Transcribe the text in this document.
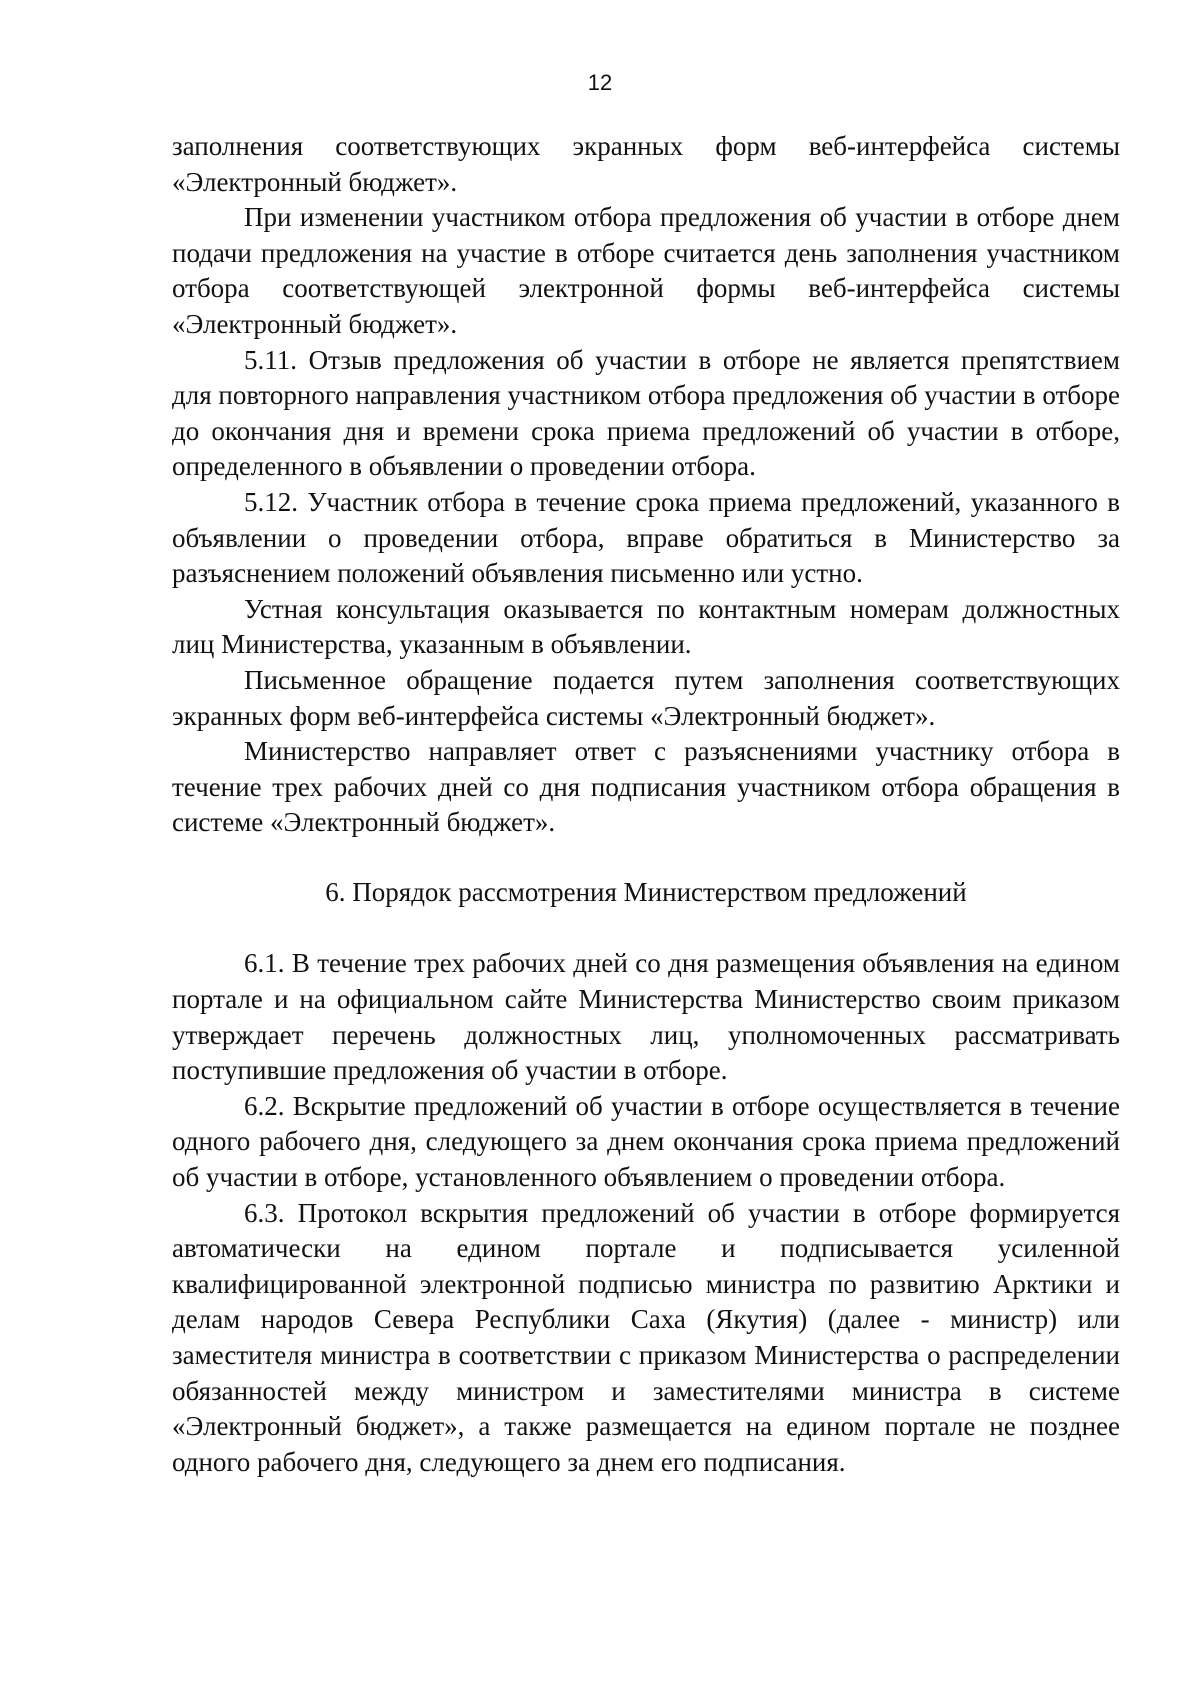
12

заполнения соответствующих экранных форм веб-интерфейса системы «Электронный бюджет».

При изменении участником отбора предложения об участии в отборе днем подачи предложения на участие в отборе считается день заполнения участником отбора соответствующей электронной формы веб-интерфейса системы «Электронный бюджет».

5.11. Отзыв предложения об участии в отборе не является препятствием для повторного направления участником отбора предложения об участии в отборе до окончания дня и времени срока приема предложений об участии в отборе, определенного в объявлении о проведении отбора.

5.12. Участник отбора в течение срока приема предложений, указанного в объявлении о проведении отбора, вправе обратиться в Министерство за разъяснением положений объявления письменно или устно.

Устная консультация оказывается по контактным номерам должностных лиц Министерства, указанным в объявлении.

Письменное обращение подается путем заполнения соответствующих экранных форм веб-интерфейса системы «Электронный бюджет».

Министерство направляет ответ с разъяснениями участнику отбора в течение трех рабочих дней со дня подписания участником отбора обращения в системе «Электронный бюджет».

6. Порядок рассмотрения Министерством предложений

6.1. В течение трех рабочих дней со дня размещения объявления на едином портале и на официальном сайте Министерства Министерство своим приказом утверждает перечень должностных лиц, уполномоченных рассматривать поступившие предложения об участии в отборе.

6.2. Вскрытие предложений об участии в отборе осуществляется в течение одного рабочего дня, следующего за днем окончания срока приема предложений об участии в отборе, установленного объявлением о проведении отбора.

6.3. Протокол вскрытия предложений об участии в отборе формируется автоматически на едином портале и подписывается усиленной квалифицированной электронной подписью министра по развитию Арктики и делам народов Севера Республики Саха (Якутия) (далее - министр) или заместителя министра в соответствии с приказом Министерства о распределении обязанностей между министром и заместителями министра в системе «Электронный бюджет», а также размещается на едином портале не позднее одного рабочего дня, следующего за днем его подписания.
